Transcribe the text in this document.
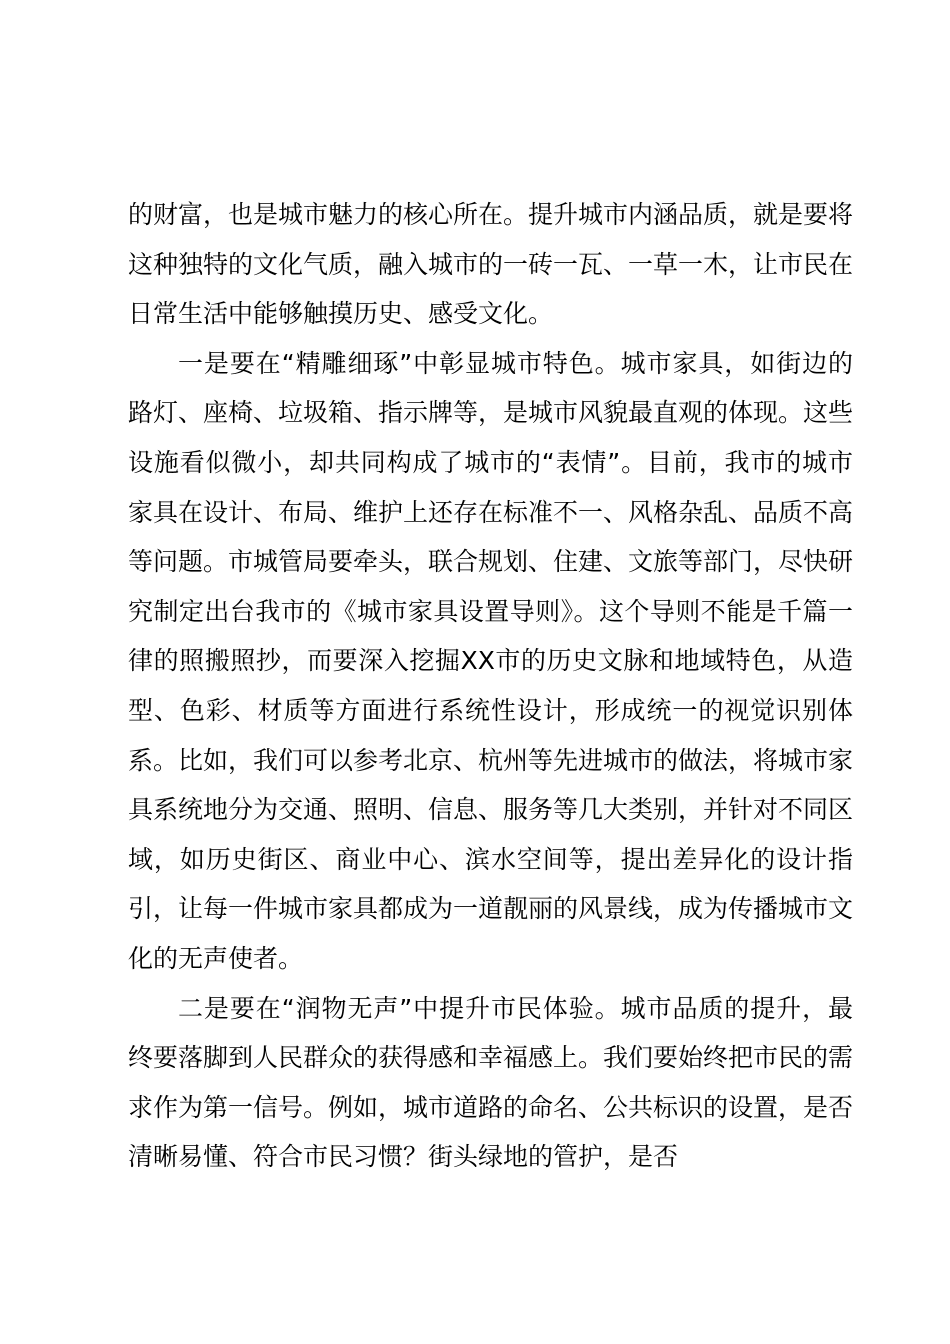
的财富，也是城市魅力的核心所在。提升城市内涵品质，就是要将这种独特的文化气质，融入城市的一砖一瓦、一草一木，让市民在日常生活中能够触摸历史、感受文化。

一是要在“精雕细琢”中彰显城市特色。城市家具，如街边的路灯、座椅、垃圾箱、指示牌等，是城市风貌最直观的体现。这些设施看似微小，却共同构成了城市的“表情”。目前，我市的城市家具在设计、布局、维护上还存在标准不一、风格杂乱、品质不高等问题。市城管局要牵头，联合规划、住建、文旅等部门，尽快研究制定出台我市的《城市家具设置导则》。这个导则不能是千篇一律的照搬照抄，而要深入挖掘XX市的历史文脉和地域特色，从造型、色彩、材质等方面进行系统性设计，形成统一的视觉识别体系。比如，我们可以参考北京、杭州等先进城市的做法，将城市家具系统地分为交通、照明、信息、服务等几大类别，并针对不同区域，如历史街区、商业中心、滨水空间等，提出差异化的设计指引，让每一件城市家具都成为一道靓丽的风景线，成为传播城市文化的无声使者。

二是要在“润物无声”中提升市民体验。城市品质的提升，最终要落脚到人民群众的获得感和幸福感上。我们要始终把市民的需求作为第一信号。例如，城市道路的命名、公共标识的设置，是否清晰易懂、符合市民习惯？街头绿地的管护，是否
